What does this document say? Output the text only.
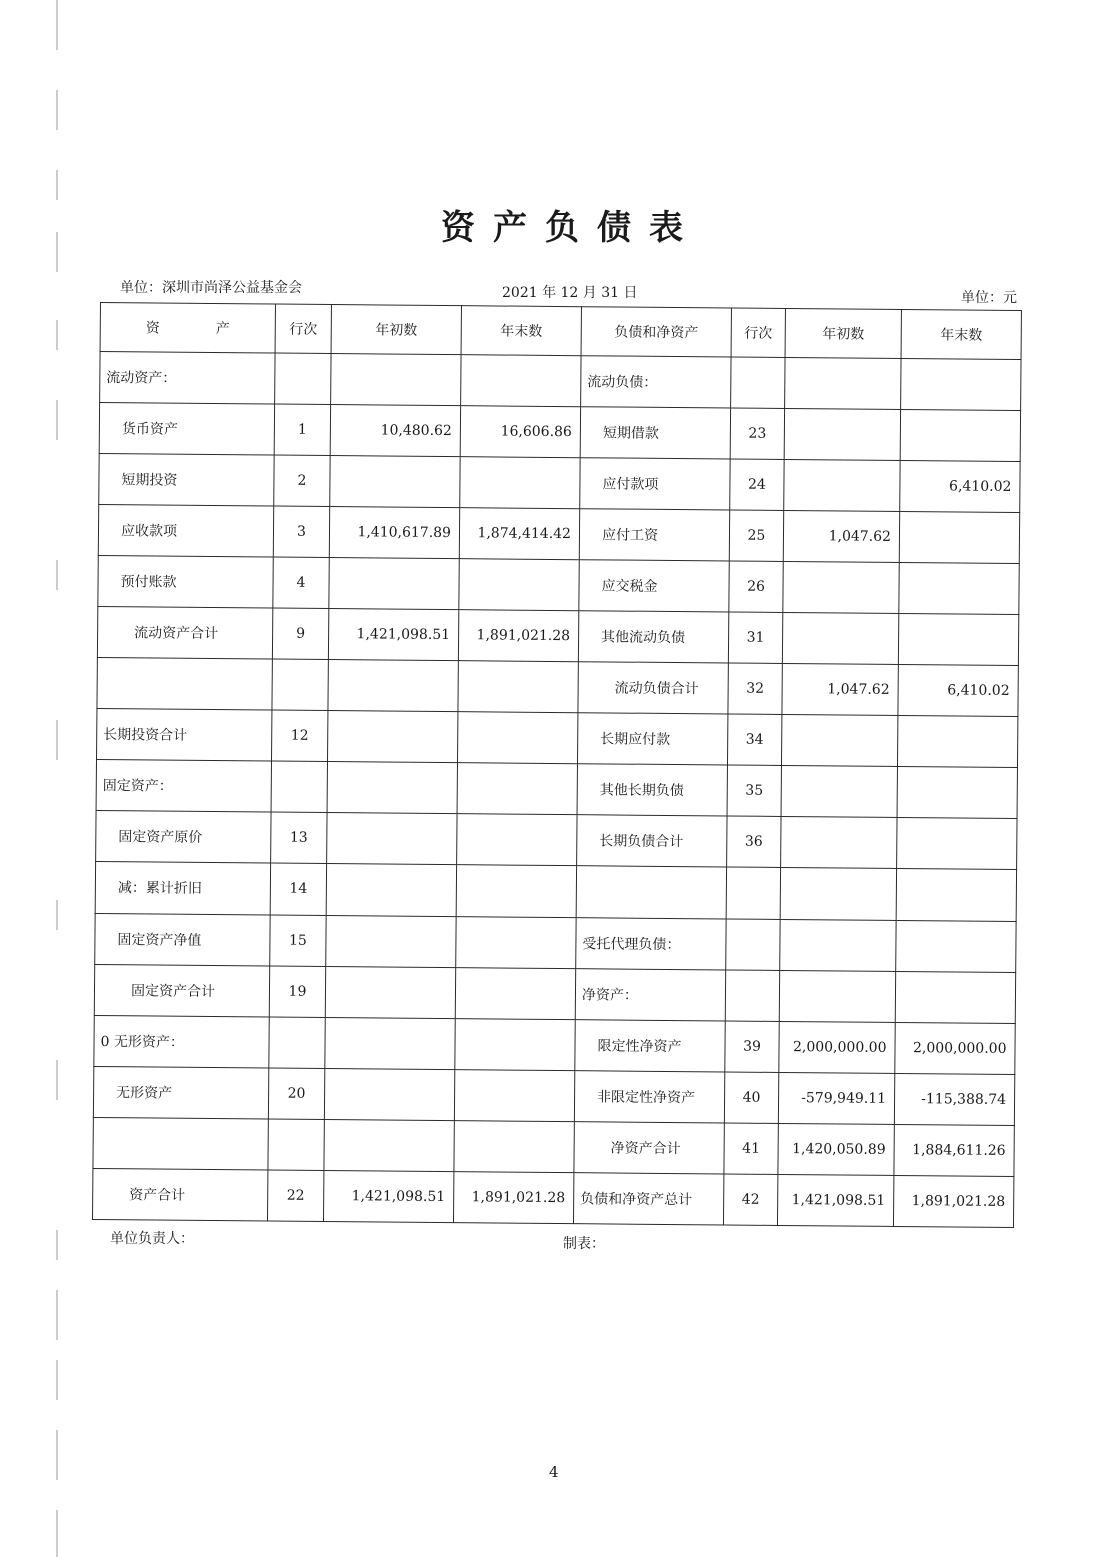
资产负债表
单位：深圳市尚泽公益基金会	2021 年 12 月 31 日	单位：元
资 产	行次	年初数	年末数	负债和净资产	行次	年初数	年末数
流动资产：				流动负债：			
货币资产	1	10,480.62	16,606.86	短期借款	23		
短期投资	2			应付款项	24		6,410.02
应收款项	3	1,410,617.89	1,874,414.42	应付工资	25	1,047.62	
预付账款	4			应交税金	26		
流动资产合计	9	1,421,098.51	1,891,021.28	其他流动负债	31		
				流动负债合计	32	1,047.62	6,410.02
长期投资合计	12			长期应付款	34		
固定资产：				其他长期负债	35		
固定资产原价	13			长期负债合计	36		
减：累计折旧	14						
固定资产净值	15			受托代理负债：			
固定资产合计	19			净资产：			
0 无形资产：				限定性净资产	39	2,000,000.00	2,000,000.00
无形资产	20			非限定性净资产	40	-579,949.11	-115,388.74
				净资产合计	41	1,420,050.89	1,884,611.26
资产合计	22	1,421,098.51	1,891,021.28	负债和净资产总计	42	1,421,098.51	1,891,021.28
单位负责人：	制表：
4
